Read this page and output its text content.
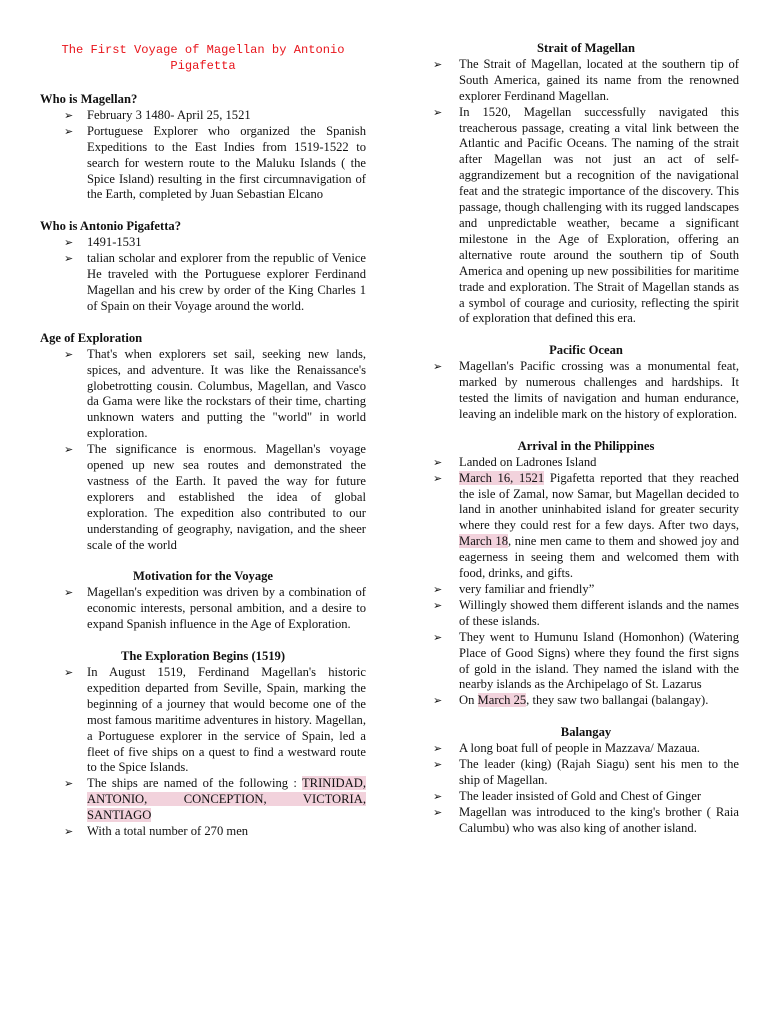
The First Voyage of Magellan by Antonio
Pigafetta
Who is Magellan?
➢ February 3 1480- April 25, 1521
➢ Portuguese Explorer who organized the Spanish Expeditions to the East Indies from 1519-1522 to search for western route to the Maluku Islands ( the Spice Island) resulting in the first circumnavigation of the Earth, completed by Juan Sebastian Elcano
Who is Antonio Pigafetta?
➢ 1491-1531
➢ talian scholar and explorer from the republic of Venice He traveled with the Portuguese explorer Ferdinand Magellan and his crew by order of the King Charles 1 of Spain on their Voyage around the world.
Age of Exploration
➢ That's when explorers set sail, seeking new lands, spices, and adventure. It was like the Renaissance's globetrotting cousin. Columbus, Magellan, and Vasco da Gama were like the rockstars of their time, charting unknown waters and putting the "world" in world exploration.
➢ The significance is enormous. Magellan's voyage opened up new sea routes and demonstrated the vastness of the Earth. It paved the way for future explorers and established the idea of global exploration. The expedition also contributed to our understanding of geography, navigation, and the sheer scale of the world
Motivation for the Voyage
➢ Magellan's expedition was driven by a combination of economic interests, personal ambition, and a desire to expand Spanish influence in the Age of Exploration.
The Exploration Begins (1519)
➢ In August 1519, Ferdinand Magellan's historic expedition departed from Seville, Spain, marking the beginning of a journey that would become one of the most famous maritime adventures in history. Magellan, a Portuguese explorer in the service of Spain, led a fleet of five ships on a quest to find a westward route to the Spice Islands.
➢ The ships are named of the following : TRINIDAD, ANTONIO, CONCEPTION, VICTORIA, SANTIAGO
➢ With a total number of 270 men
Strait of Magellan
➢ The Strait of Magellan, located at the southern tip of South America, gained its name from the renowned explorer Ferdinand Magellan.
➢ In 1520, Magellan successfully navigated this treacherous passage, creating a vital link between the Atlantic and Pacific Oceans. The naming of the strait after Magellan was not just an act of self-aggrandizement but a recognition of the navigational feat and the strategic importance of the discovery. This passage, though challenging with its rugged landscapes and unpredictable weather, became a significant milestone in the Age of Exploration, offering an alternative route around the southern tip of South America and opening up new possibilities for maritime trade and exploration. The Strait of Magellan stands as a symbol of courage and curiosity, reflecting the spirit of exploration that defined this era.
Pacific Ocean
➢ Magellan's Pacific crossing was a monumental feat, marked by numerous challenges and hardships. It tested the limits of navigation and human endurance, leaving an indelible mark on the history of exploration.
Arrival in the Philippines
➢ Landed on Ladrones Island
➢ March 16, 1521 Pigafetta reported that they reached the isle of Zamal, now Samar, but Magellan decided to land in another uninhabited island for greater security where they could rest for a few days. After two days, March 18, nine men came to them and showed joy and eagerness in seeing them and welcomed them with food, drinks, and gifts.
➢ very familiar and friendly”
➢ Willingly showed them different islands and the names of these islands.
➢ They went to Humunu Island (Homonhon) (Watering Place of Good Signs) where they found the first signs of gold in the island. They named the island with the nearby islands as the Archipelago of St. Lazarus
➢ On March 25, they saw two ballangai (balangay).
Balangay
➢ A long boat full of people in Mazzava/ Mazaua.
➢ The leader (king) (Rajah Siagu) sent his men to the ship of Magellan.
➢ The leader insisted of Gold and Chest of Ginger
➢ Magellan was introduced to the king's brother ( Raia Calumbu) who was also king of another island.
